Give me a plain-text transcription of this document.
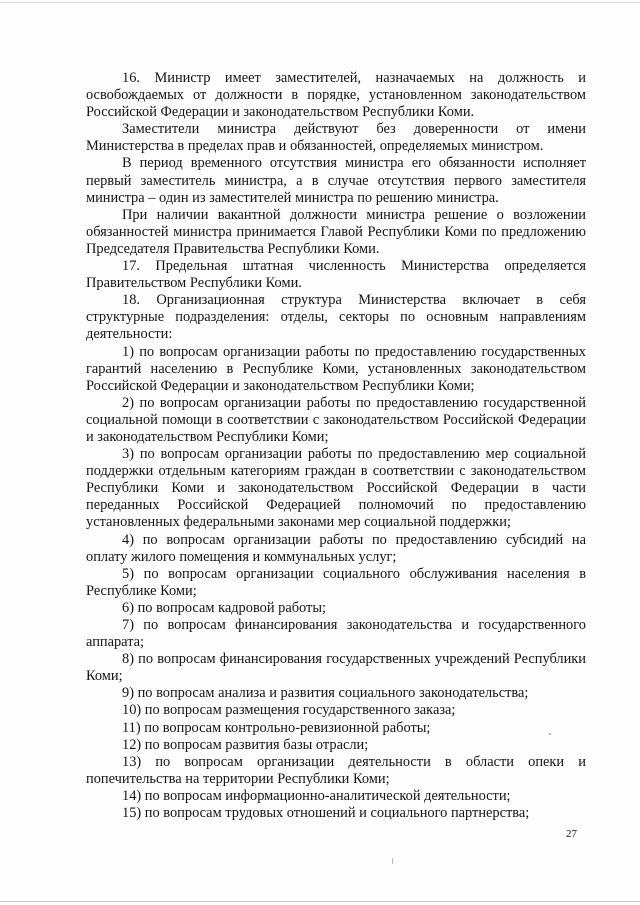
16. Министр имеет заместителей, назначаемых на должность и освобождаемых от должности в порядке, установленном законодательством Российской Федерации и законодательством Республики Коми.

Заместители министра действуют без доверенности от имени Министерства в пределах прав и обязанностей, определяемых министром.

В период временного отсутствия министра его обязанности исполняет первый заместитель министра, а в случае отсутствия первого заместителя министра – один из заместителей министра по решению министра.

При наличии вакантной должности министра решение о возложении обязанностей министра принимается Главой Республики Коми по предложению Председателя Правительства Республики Коми.

17. Предельная штатная численность Министерства определяется Правительством Республики Коми.

18. Организационная структура Министерства включает в себя структурные подразделения: отделы, секторы по основным направлениям деятельности:

1) по вопросам организации работы по предоставлению государственных гарантий населению в Республике Коми, установленных законодательством Российской Федерации и законодательством Республики Коми;

2) по вопросам организации работы по предоставлению государственной социальной помощи в соответствии с законодательством Российской Федерации и законодательством Республики Коми;

3) по вопросам организации работы по предоставлению мер социальной поддержки отдельным категориям граждан в соответствии с законодательством Республики Коми и законодательством Российской Федерации в части переданных Российской Федерацией полномочий по предоставлению установленных федеральными законами мер социальной поддержки;

4) по вопросам организации работы по предоставлению субсидий на оплату жилого помещения и коммунальных услуг;

5) по вопросам организации социального обслуживания населения в Республике Коми;

6) по вопросам кадровой работы;

7) по вопросам финансирования законодательства и государственного аппарата;

8) по вопросам финансирования государственных учреждений Республики Коми;

9) по вопросам анализа и развития социального законодательства;

10) по вопросам размещения государственного заказа;

11) по вопросам контрольно-ревизионной работы;

12) по вопросам развития базы отрасли;

13) по вопросам организации деятельности в области опеки и попечительства на территории Республики Коми;

14) по вопросам информационно-аналитической деятельности;

15) по вопросам трудовых отношений и социального партнерства;

27
